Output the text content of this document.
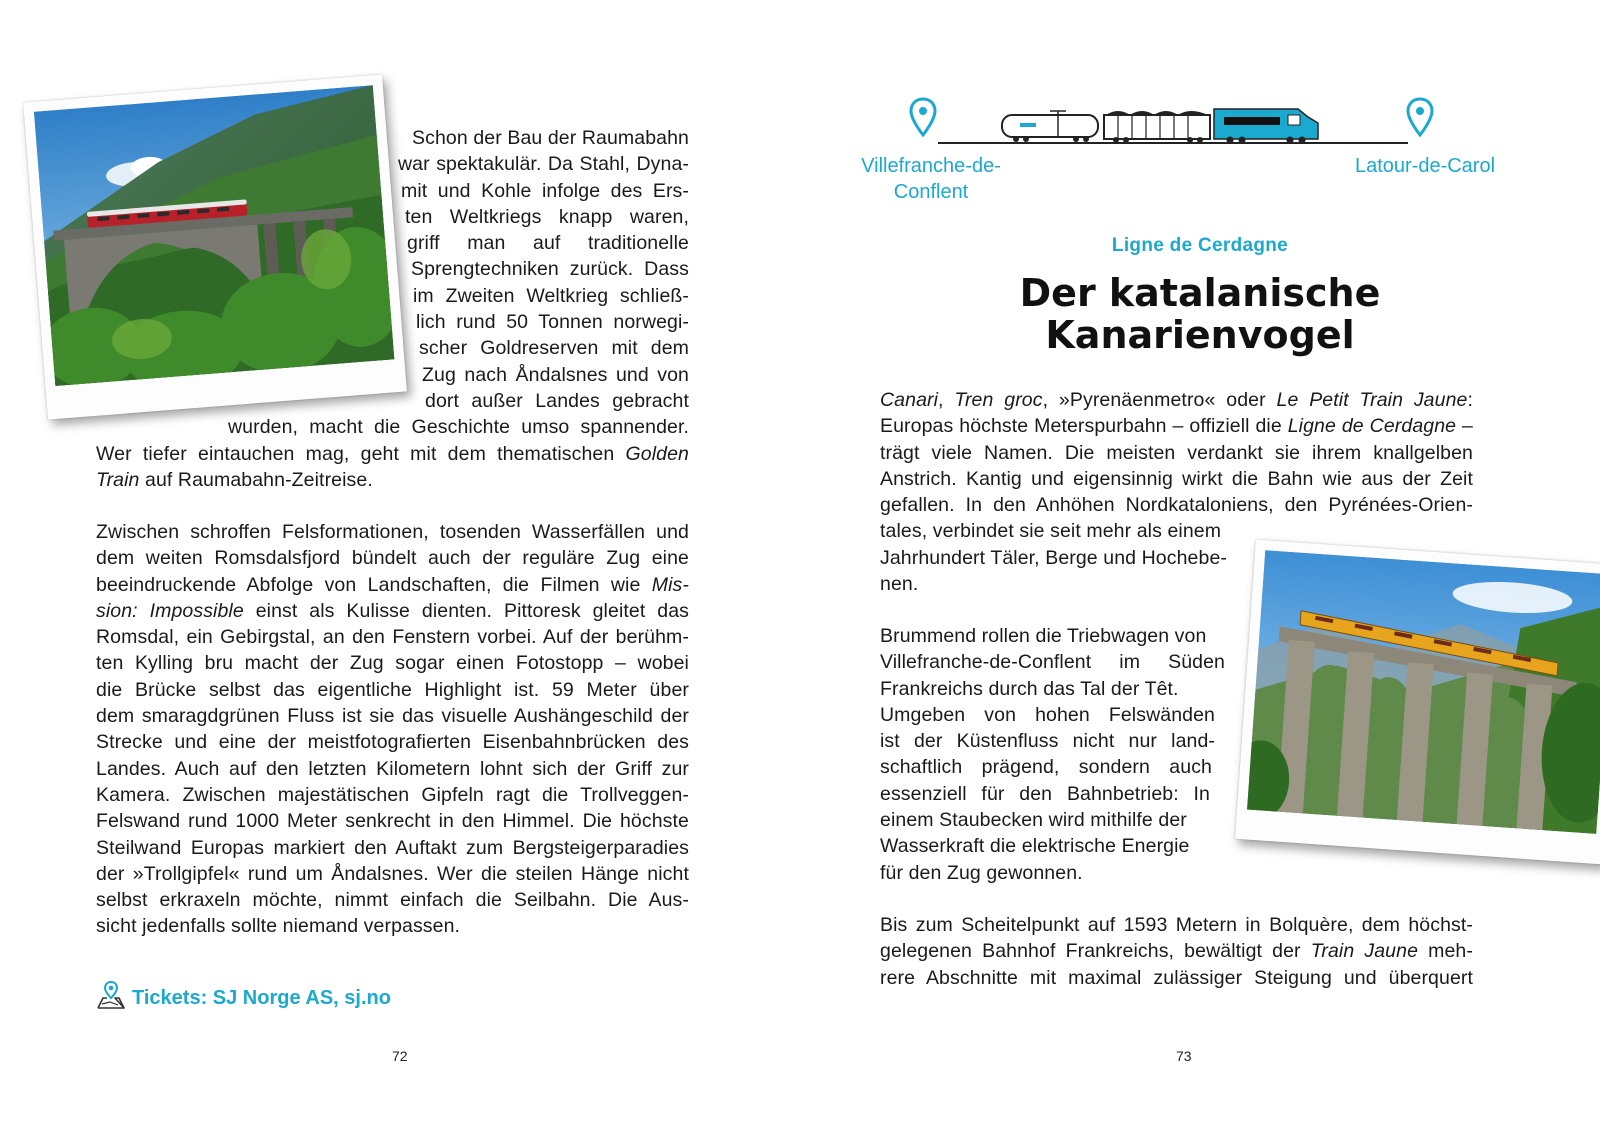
Schon der Bau der Raumabahn
war spektakulär. Da Stahl, Dyna-
mit und Kohle infolge des Ers-
ten Weltkriegs knapp waren,
griff man auf traditionelle
Sprengtechniken zurück. Dass
im Zweiten Weltkrieg schließ-
lich rund 50 Tonnen norwegi-
scher Goldreserven mit dem
Zug nach Åndalsnes und von
dort außer Landes gebracht
wurden, macht die Geschichte umso spannender.
Wer tiefer eintauchen mag, geht mit dem thematischen Golden
Train auf Raumabahn-Zeitreise.
Zwischen schroffen Felsformationen, tosenden Wasserfällen und
dem weiten Romsdalsfjord bündelt auch der reguläre Zug eine
beeindruckende Abfolge von Landschaften, die Filmen wie Mis-
sion: Impossible einst als Kulisse dienten. Pittoresk gleitet das
Romsdal, ein Gebirgstal, an den Fenstern vorbei. Auf der berühm-
ten Kylling bru macht der Zug sogar einen Fotostopp – wobei
die Brücke selbst das eigentliche Highlight ist. 59 Meter über
dem smaragdgrünen Fluss ist sie das visuelle Aushängeschild der
Strecke und eine der meistfotografierten Eisenbahnbrücken des
Landes. Auch auf den letzten Kilometern lohnt sich der Griff zur
Kamera. Zwischen majestätischen Gipfeln ragt die Trollveggen-
Felswand rund 1000 Meter senkrecht in den Himmel. Die höchste
Steilwand Europas markiert den Auftakt zum Bergsteigerparadies
der »Trollgipfel« rund um Åndalsnes. Wer die steilen Hänge nicht
selbst erkraxeln möchte, nimmt einfach die Seilbahn. Die Aus-
sicht jedenfalls sollte niemand verpassen.
Tickets: SJ Norge AS, sj.no
72
Villefranche-de-
Conflent
Latour-de-Carol
Ligne de Cerdagne
Der katalanische
Kanarienvogel
Canari, Tren groc, »Pyrenäenmetro« oder Le Petit Train Jaune:
Europas höchste Meterspurbahn – offiziell die Ligne de Cerdagne –
trägt viele Namen. Die meisten verdankt sie ihrem knallgelben
Anstrich. Kantig und eigensinnig wirkt die Bahn wie aus der Zeit
gefallen. In den Anhöhen Nordkataloniens, den Pyrénées-Orien-
tales, verbindet sie seit mehr als einem
Jahrhundert Täler, Berge und Hochebe-
nen.
Brummend rollen die Triebwagen von
Villefranche-de-Conflent im Süden
Frankreichs durch das Tal der Têt.
Umgeben von hohen Felswänden
ist der Küstenfluss nicht nur land-
schaftlich prägend, sondern auch
essenziell für den Bahnbetrieb: In
einem Staubecken wird mithilfe der
Wasserkraft die elektrische Energie
für den Zug gewonnen.
Bis zum Scheitelpunkt auf 1593 Metern in Bolquère, dem höchst-
gelegenen Bahnhof Frankreichs, bewältigt der Train Jaune meh-
rere Abschnitte mit maximal zulässiger Steigung und überquert
73
